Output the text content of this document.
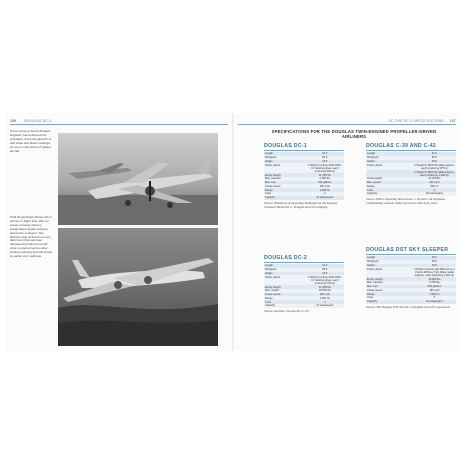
186 DOUGLAS DC-3
Some crews at South Windsor, England, had enlivened the propellers of the Douglas DC-3 with white and black markings, as seen in this photo of parked aircraft.
KLM Royal Dutch Airlines DC-2 (shown in flight) that, after an ocean-crossing delivery, inaugurated regular services across the continent. The airframe was pictured in a very dark livery that was later adopted and painted overall, when it entered service after wartime painting and still shows its earlier civil markings.
DC-THE DC-3 SPECIFICATIONS 187
SPECIFICATIONS FOR THE DOUGLAS TWIN-ENGINED PROPELLER-DRIVEN AIRLINERS
DOUGLAS DC-1
Length	60 ft
Wingspan	85 ft
Height	16 ft
Power plants	2 Wright Cyclone SGR-1820-F3 radial engines, each producing 690 hp
Empty weight	11,780 lbs
Max. payload	2,300 lbs
Max. fuel	510 gallons
Cruise speed	190 mph
Range	1,000 mi
Crew	2
Capacity	12 passengers
Source: Handbook of Operating Technique for the Douglas Transport Model DC-1, Douglas Aircraft Company.
DOUGLAS DC-2
Length	62 ft
Wingspan	85 ft
Height	16 ft
Power plants	2 Wright Cyclone SGR-1820-F2 radial engines, each producing 720 hp
Empty weight	12,455 lbs
Max. weight	18,560 lbs
Cruise speed	190 mph
Range	1,000 mi
Crew	3
Capacity	14 passengers
Source: Aviation: Version DC-2-115.
DOUGLAS C-39 AND C-42
Length	61 ft
Wingspan	85 ft
Height	18 ft
Power plants	2 Wright R-1820-55 radial engines, each producing 975 hp
	2 Wright R-1820-53 radial engines, each producing 1,000 hp
Gross weight	21,000 lbs
Max. speed	210 mph
Range	960 mi
Crew	3
Capacity	16 passengers
Source: Pilot's Operating Instructions, C-39 and C-42 Airplanes, Commanding General, Army Air Forces, March 25, 1941.
DOUGLAS DST SKY SLEEPER
Length	64 ft
Wingspan	95 ft
Height	16 ft
Power plants	2 Wright Cyclone GR-1820-G2 or 2 Pratt & Whitney Twin Wasp radial engines, each producing 1,000 hp
Empty weight	16,000 lbs
Max. payload	5,750 lbs
Max. fuel	822 gallons
Cruise speed	185 mph
Range	1,500 mi
Crew	3
Capacity	14 passengers
Source: The Douglas DST and DC-3, Douglas Aircraft Corporation.
